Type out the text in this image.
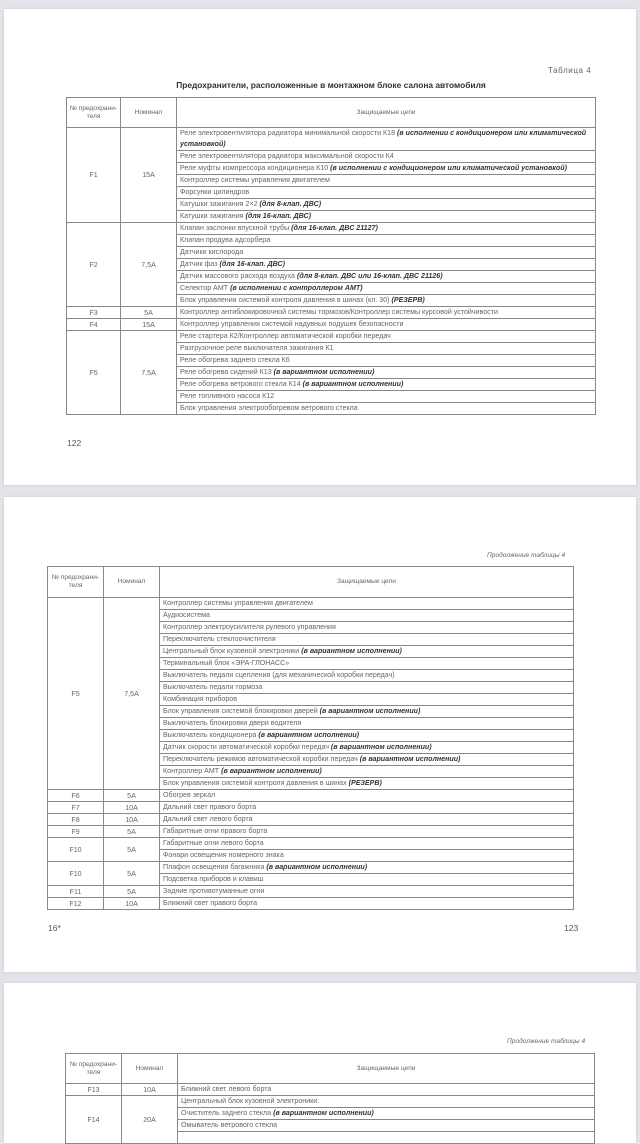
Таблица 4
Предохранители, расположенные в монтажном блоке салона автомобиля
№ предохрани-теля	Номинал	Защищаемые цепи
F1	15A	Реле электровентилятора радиатора минимальной скорости К18 (в исполнении с кондиционером или климатической установкой)
		Реле электровентилятора радиатора максимальной скорости К4
		Реле муфты компрессора кондиционера К10 (в исполнении с кондиционером или климатической установкой)
		Контроллер системы управления двигателем
		Форсунки цилиндров
		Катушки зажигания 2×2 (для 8-клап. ДВС)
		Катушки зажигания (для 16-клап. ДВС)
F2	7,5A	Клапан заслонки впускной трубы (для 16-клап. ДВС 21127)
		Клапан продува адсорбера
		Датчики кислорода
		Датчик фаз (для 16-клап. ДВС)
		Датчик массового расхода воздуха (для 8-клап. ДВС или 16-клап. ДВС 21126)
		Селектор АМТ (в исполнении с контроллером АМТ)
		Блок управления системой контроля давления в шинах (кл. 30) (РЕЗЕРВ)
F3	5A	Контроллер антиблокировочной системы тормозов/Контроллер системы курсовой устойчивости
F4	15A	Контроллер управления системой надувных подушек безопасности
F5	7,5A	Реле стартера К2/Контроллер автоматической коробки передач
		Разгрузочное реле выключателя зажигания К1
		Реле обогрева заднего стекла К6
		Реле обогрева сидений К13 (в вариантном исполнении)
		Реле обогрева ветрового стекла К14 (в вариантном исполнении)
		Реле топливного насоса К12
		Блок управления электрообогревом ветрового стекла
122
Продолжение таблицы 4
№ предохрани-теля	Номинал	Защищаемые цепи
F5	7,5A	Контроллер системы управления двигателем
		Аудиосистема
		Контроллер электроусилителя рулевого управления
		Переключатель стеклоочистителя
		Центральный блок кузовной электроники (в вариантном исполнении)
		Терминальный блок «ЭРА-ГЛОНАСС»
		Выключатель педали сцепления (для механической коробки передач)
		Выключатель педали тормоза
		Комбинация приборов
		Блок управления системой блокировки дверей (в вариантном исполнении)
		Выключатель блокировки двери водителя
		Выключатель кондиционера (в вариантном исполнении)
		Датчик скорости автоматической коробки передач (в вариантном исполнении)
		Переключатель режимов автоматической коробки передач (в вариантном исполнении)
		Контроллер АМТ (в вариантном исполнении)
		Блок управления системой контроля давления в шинах (РЕЗЕРВ)
F6	5A	Обогрев зеркал
F7	10A	Дальний свет правого борта
F8	10A	Дальний свет левого борта
F9	5A	Габаритные огни правого борта
F10	5A	Габаритные огни левого борта
		Фонари освещения номерного знака
F10	5A	Плафон освещения багажника (в вариантном исполнении)
		Подсветка приборов и клавиш
F11	5A	Задние противотуманные огни
F12	10A	Ближний свет правого борта
16*	123
Продолжение таблицы 4
№ предохрани-теля	Номинал	Защищаемые цепи
F13	10A	Ближний свет левого борта
F14	20A	Центральный блок кузовной электроники:
		Очиститель заднего стекла (в вариантном исполнении)
		Омыватель ветрового стекла
